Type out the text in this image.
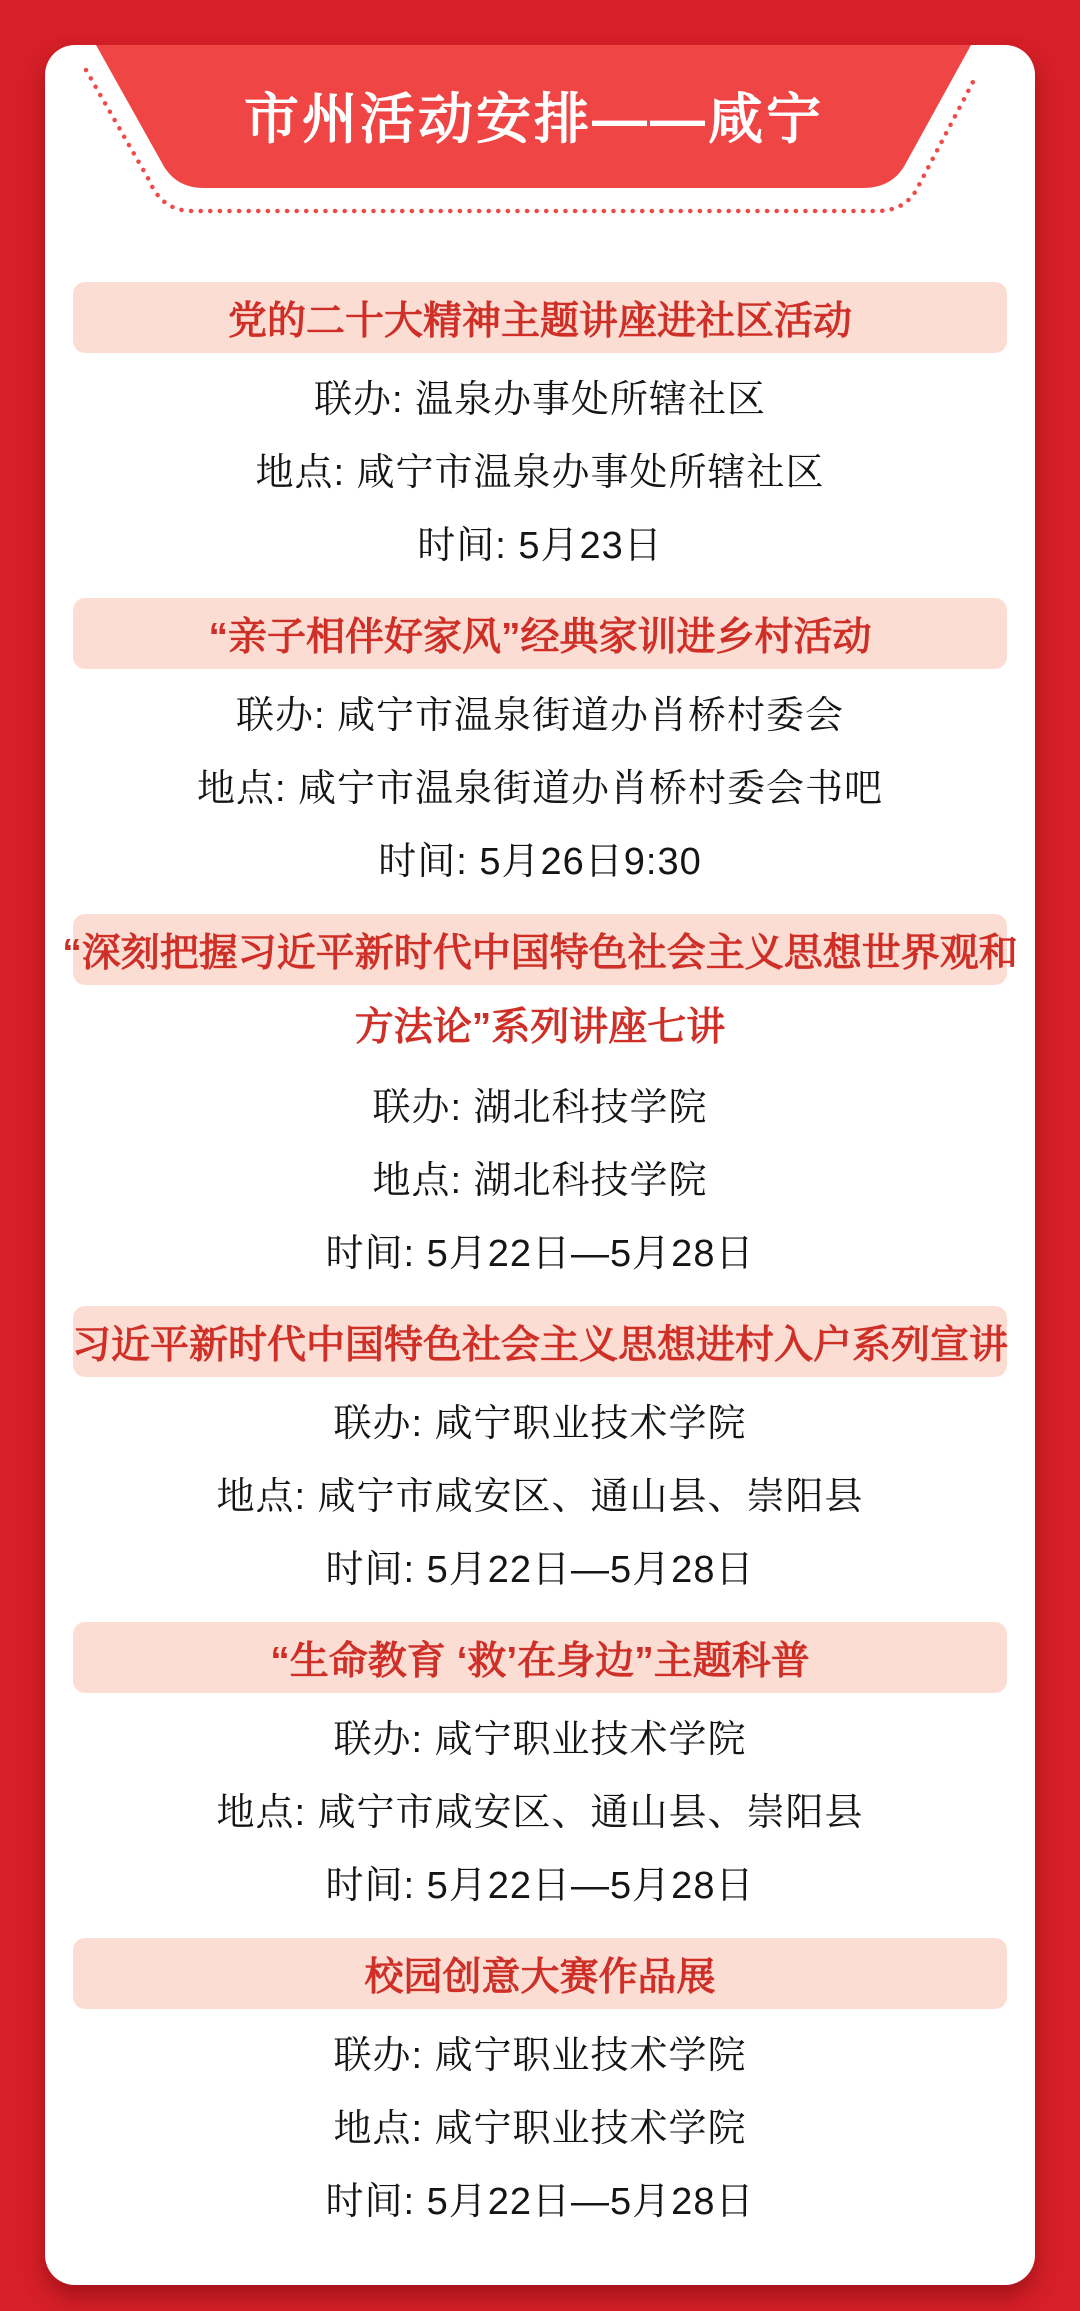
市州活动安排——咸宁
党的二十大精神主题讲座进社区活动
联办: 温泉办事处所辖社区
地点: 咸宁市温泉办事处所辖社区
时间: 5月23日
“亲子相伴好家风”经典家训进乡村活动
联办: 咸宁市温泉街道办肖桥村委会
地点: 咸宁市温泉街道办肖桥村委会书吧
时间: 5月26日9:30
“深刻把握习近平新时代中国特色社会主义思想世界观和
方法论”系列讲座七讲
联办: 湖北科技学院
地点: 湖北科技学院
时间: 5月22日—5月28日
习近平新时代中国特色社会主义思想进村入户系列宣讲
联办: 咸宁职业技术学院
地点: 咸宁市咸安区、通山县、崇阳县
时间: 5月22日—5月28日
“生命教育 ‘救’在身边”主题科普
联办: 咸宁职业技术学院
地点: 咸宁市咸安区、通山县、崇阳县
时间: 5月22日—5月28日
校园创意大赛作品展
联办: 咸宁职业技术学院
地点: 咸宁职业技术学院
时间: 5月22日—5月28日
